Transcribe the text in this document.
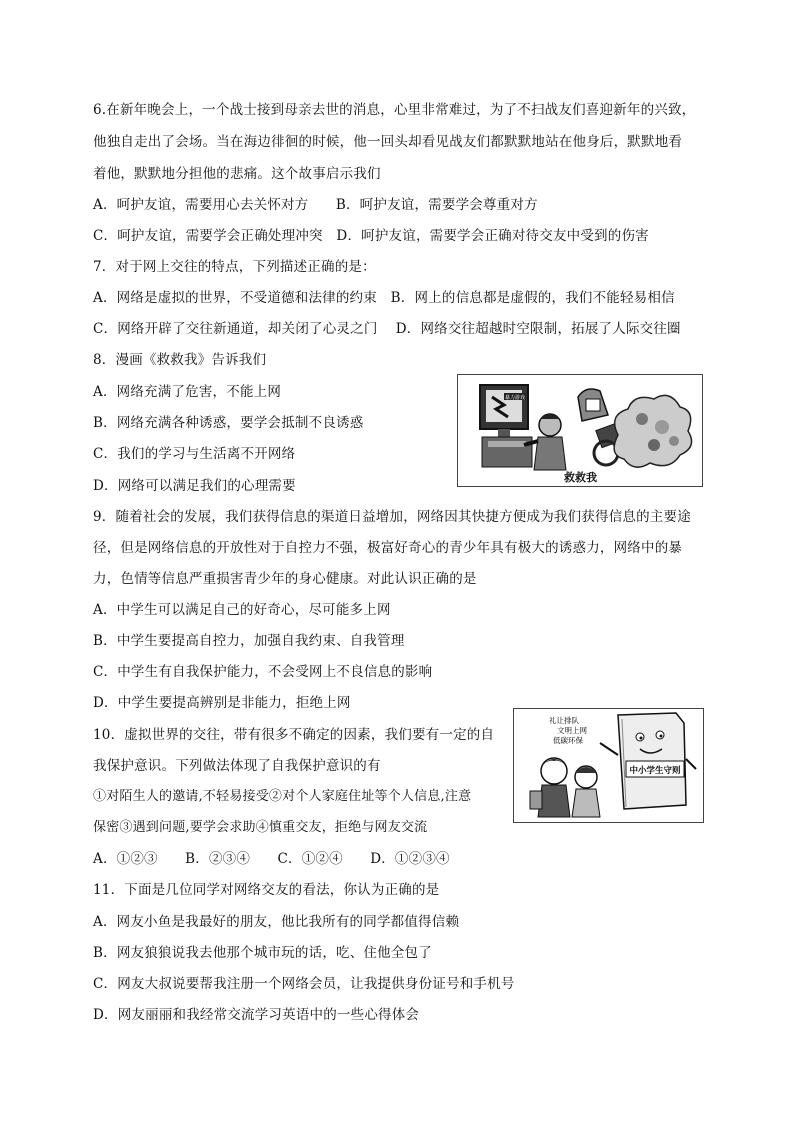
6.在新年晚会上，一个战士接到母亲去世的消息，心里非常难过，为了不扫战友们喜迎新年的兴致，
他独自走出了会场。当在海边徘徊的时候，他一回头却看见战友们都默默地站在他身后，默默地看
着他，默默地分担他的悲痛。这个故事启示我们
A．呵护友谊，需要用心去关怀对方　　B．呵护友谊，需要学会尊重对方
C．呵护友谊，需要学会正确处理冲突　D．呵护友谊，需要学会正确对待交友中受到的伤害
7．对于网上交往的特点，下列描述正确的是：
A．网络是虚拟的世界，不受道德和法律的约束　B．网上的信息都是虚假的，我们不能轻易相信
C．网络开辟了交往新通道，却关闭了心灵之门　 D．网络交往超越时空限制，拓展了人际交往圈
8．漫画《救救我》告诉我们
A．网络充满了危害，不能上网
B．网络充满各种诱惑，要学会抵制不良诱惑
C．我们的学习与生活离不开网络
D．网络可以满足我们的心理需要
暴力游戏
救救我
9．随着社会的发展，我们获得信息的渠道日益增加，网络因其快捷方便成为我们获得信息的主要途
径，但是网络信息的开放性对于自控力不强，极富好奇心的青少年具有极大的诱惑力，网络中的暴
力，色情等信息严重损害青少年的身心健康。对此认识正确的是
A．中学生可以满足自己的好奇心，尽可能多上网
B．中学生要提高自控力，加强自我约束、自我管理
C．中学生有自我保护能力，不会受网上不良信息的影响
D．中学生要提高辨别是非能力，拒绝上网
10．虚拟世界的交往，带有很多不确定的因素，我们要有一定的自
我保护意识。下列做法体现了自我保护意识的有
①对陌生人的邀请,不轻易接受②对个人家庭住址等个人信息,注意
保密③遇到问题,要学会求助④慎重交友，拒绝与网友交流
A．①②③　　B．②③④　　C．①②④　　D．①②③④
礼让排队
文明上网
低碳环保
中小学生守则
11．下面是几位同学对网络交友的看法，你认为正确的是
A．网友小鱼是我最好的朋友，他比我所有的同学都值得信赖
B．网友狼狼说我去他那个城市玩的话，吃、住他全包了
C．网友大叔说要帮我注册一个网络会员，让我提供身份证号和手机号
D．网友丽丽和我经常交流学习英语中的一些心得体会
